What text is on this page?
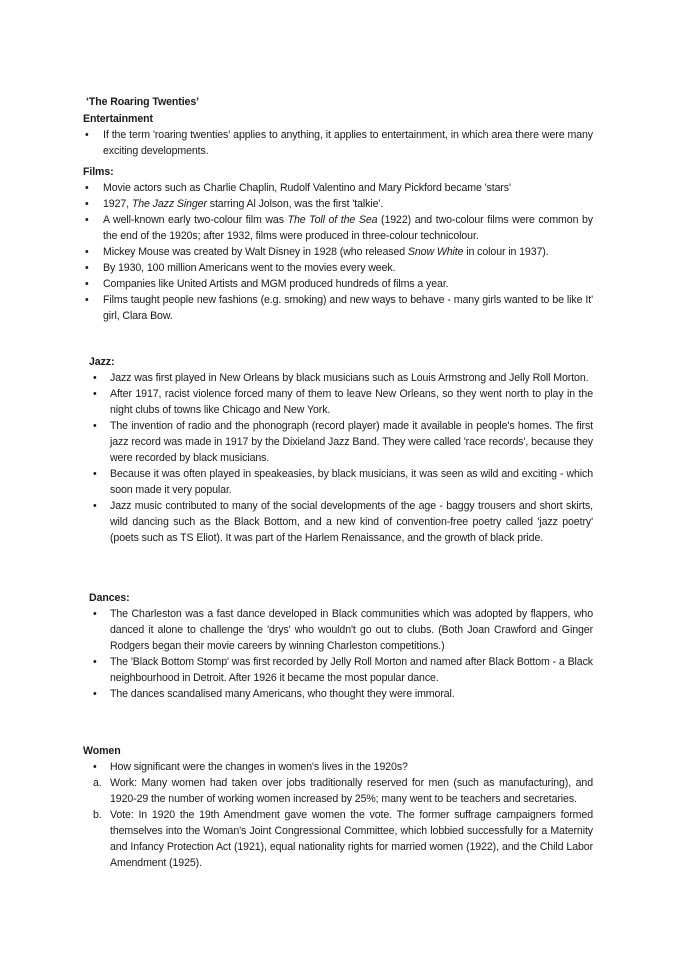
‘The Roaring Twenties’
Entertainment
• If the term 'roaring twenties' applies to anything, it applies to entertainment, in which area there were many exciting developments.
Films:
• Movie actors such as Charlie Chaplin, Rudolf Valentino and Mary Pickford became 'stars'
• 1927, The Jazz Singer starring Al Jolson, was the first 'talkie'.
• A well-known early two-colour film was The Toll of the Sea (1922) and two-colour films were common by the end of the 1920s; after 1932, films were produced in three-colour technicolour.
• Mickey Mouse was created by Walt Disney in 1928 (who released Snow White in colour in 1937).
• By 1930, 100 million Americans went to the movies every week.
• Companies like United Artists and MGM produced hundreds of films a year.
• Films taught people new fashions (e.g. smoking) and new ways to behave - many girls wanted to be like It' girl, Clara Bow.
Jazz:
• Jazz was first played in New Orleans by black musicians such as Louis Armstrong and Jelly Roll Morton.
• After 1917, racist violence forced many of them to leave New Orleans, so they went north to play in the night clubs of towns like Chicago and New York.
• The invention of radio and the phonograph (record player) made it available in people's homes. The first jazz record was made in 1917 by the Dixieland Jazz Band. They were called 'race records', because they were recorded by black musicians.
• Because it was often played in speakeasies, by black musicians, it was seen as wild and exciting - which soon made it very popular.
• Jazz music contributed to many of the social developments of the age - baggy trousers and short skirts, wild dancing such as the Black Bottom, and a new kind of convention-free poetry called 'jazz poetry' (poets such as TS Eliot). It was part of the Harlem Renaissance, and the growth of black pride.
Dances:
• The Charleston was a fast dance developed in Black communities which was adopted by flappers, who danced it alone to challenge the 'drys' who wouldn't go out to clubs. (Both Joan Crawford and Ginger Rodgers began their movie careers by winning Charleston competitions.)
• The 'Black Bottom Stomp' was first recorded by Jelly Roll Morton and named after Black Bottom - a Black neighbourhood in Detroit. After 1926 it became the most popular dance.
• The dances scandalised many Americans, who thought they were immoral.
Women
• How significant were the changes in women's lives in the 1920s?
a. Work: Many women had taken over jobs traditionally reserved for men (such as manufacturing), and 1920-29 the number of working women increased by 25%; many went to be teachers and secretaries.
b. Vote: In 1920 the 19th Amendment gave women the vote. The former suffrage campaigners formed themselves into the Woman's Joint Congressional Committee, which lobbied successfully for a Maternity and Infancy Protection Act (1921), equal nationality rights for married women (1922), and the Child Labor Amendment (1925).
